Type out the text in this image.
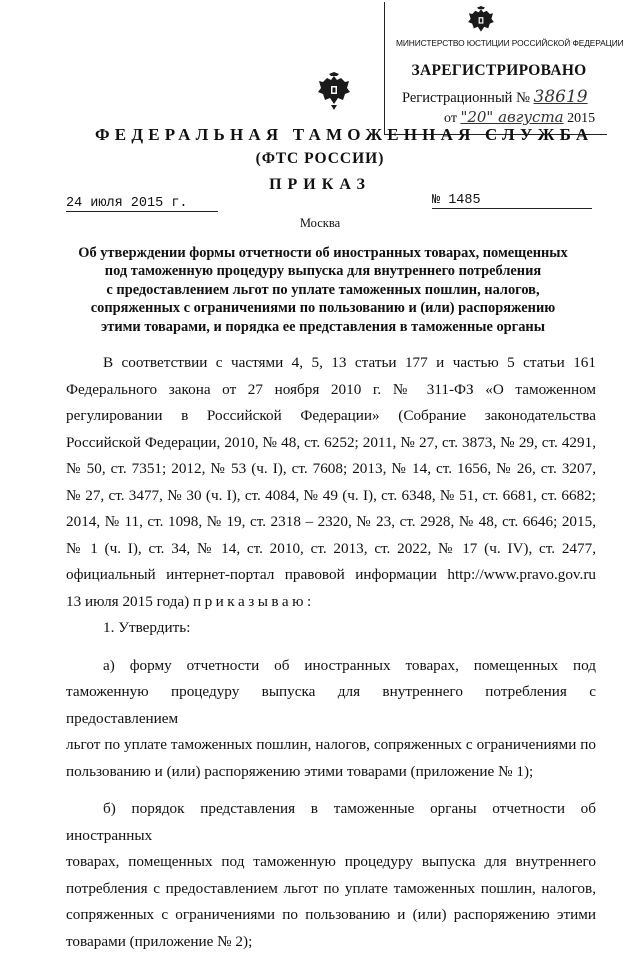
МИНИСТЕРСТВО ЮСТИЦИИ РОССИЙСКОЙ ФЕДЕРАЦИИ
ЗАРЕГИСТРИРОВАНО
Регистрационный № 38619
от "20" августа 2015
ФЕДЕРАЛЬНАЯ ТАМОЖЕННАЯ СЛУЖБА
(ФТС РОССИИ)
ПРИКАЗ
24 июля 2015 г.	№ 1485
Москва
Об утверждении формы отчетности об иностранных товарах, помещенных
под таможенную процедуру выпуска для внутреннего потребления
с предоставлением льгот по уплате таможенных пошлин, налогов,
сопряженных с ограничениями по пользованию и (или) распоряжению
этими товарами, и порядка ее представления в таможенные органы

В соответствии с частями 4, 5, 13 статьи 177 и частью 5 статьи 161

Федерального закона от 27 ноября 2010 г. № 311-ФЗ «О таможенном

регулировании в Российской Федерации» (Собрание законодательства

Российской Федерации, 2010, № 48, ст. 6252; 2011, № 27, ст. 3873, № 29, ст. 4291,

№ 50, ст. 7351; 2012, № 53 (ч. I), ст. 7608; 2013, № 14, ст. 1656, № 26, ст. 3207,

№ 27, ст. 3477, № 30 (ч. I), ст. 4084, № 49 (ч. I), ст. 6348, № 51, ст. 6681, ст. 6682;

2014, № 11, ст. 1098, № 19, ст. 2318 – 2320, № 23, ст. 2928, № 48, ст. 6646; 2015,

№ 1 (ч. I), ст. 34, № 14, ст. 2010, ст. 2013, ст. 2022, № 17 (ч. IV), ст. 2477,

официальный интернет-портал правовой информации http://www.pravo.gov.ru

13 июля 2015 года) приказываю:

1. Утвердить:

а) форму отчетности об иностранных товарах, помещенных под

таможенную процедуру выпуска для внутреннего потребления с предоставлением

льгот по уплате таможенных пошлин, налогов, сопряженных с ограничениями по

пользованию и (или) распоряжению этими товарами (приложение № 1);

б) порядок представления в таможенные органы отчетности об иностранных

товарах, помещенных под таможенную процедуру выпуска для внутреннего

потребления с предоставлением льгот по уплате таможенных пошлин, налогов,

сопряженных с ограничениями по пользованию и (или) распоряжению этими

товарами (приложение № 2);
